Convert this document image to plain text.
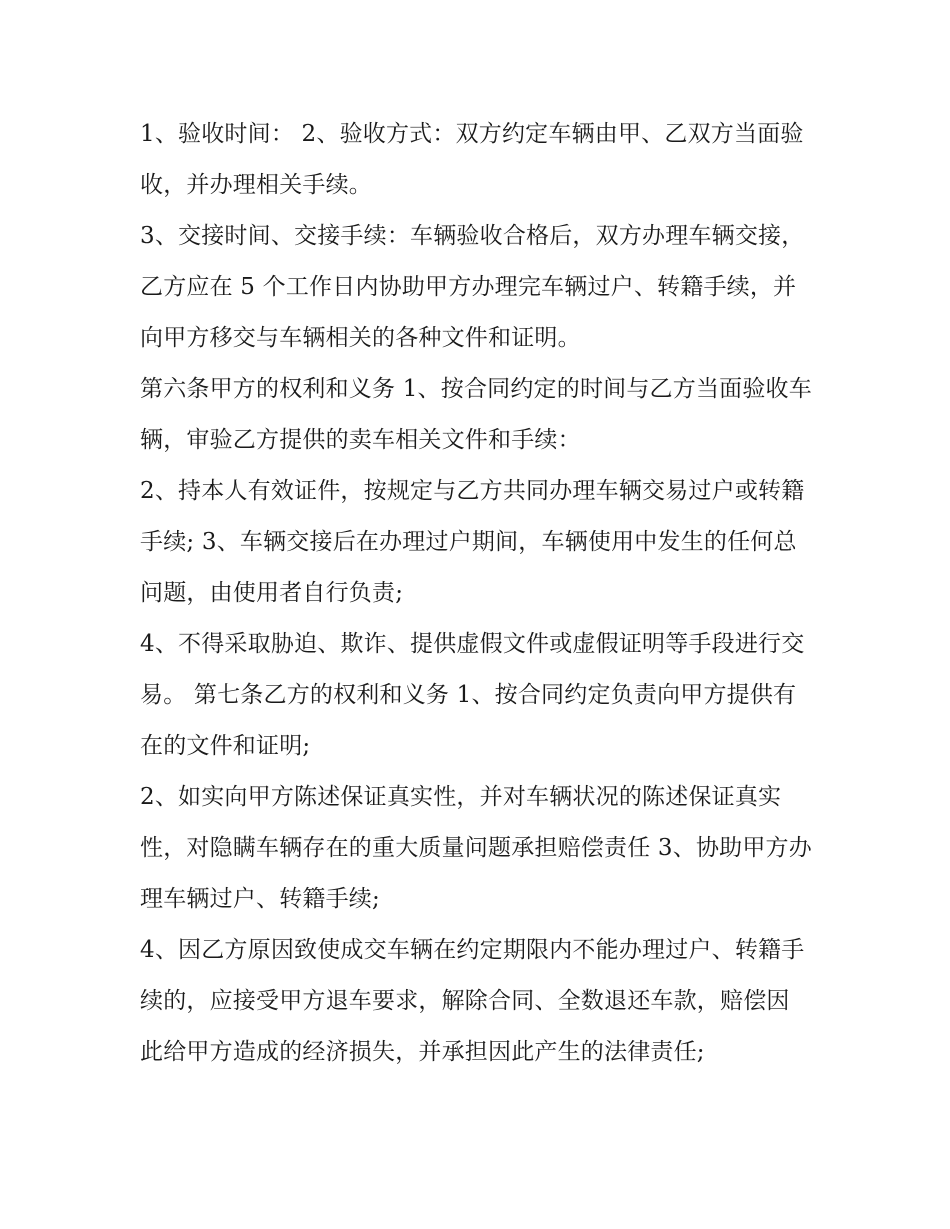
1、验收时间： 2、验收方式：双方约定车辆由甲、乙双方当面验收，并办理相关手续。

3、交接时间、交接手续：车辆验收合格后，双方办理车辆交接，乙方应在 5 个工作日内协助甲方办理完车辆过户、转籍手续，并向甲方移交与车辆相关的各种文件和证明。

第六条甲方的权利和义务 1、按合同约定的时间与乙方当面验收车辆，审验乙方提供的卖车相关文件和手续：

2、持本人有效证件，按规定与乙方共同办理车辆交易过户或转籍手续; 3、车辆交接后在办理过户期间，车辆使用中发生的任何总问题，由使用者自行负责;

4、不得采取胁迫、欺诈、提供虚假文件或虚假证明等手段进行交易。 第七条乙方的权利和义务 1、按合同约定负责向甲方提供有在的文件和证明;

2、如实向甲方陈述保证真实性，并对车辆状况的陈述保证真实性，对隐瞒车辆存在的重大质量问题承担赔偿责任 3、协助甲方办理车辆过户、转籍手续;

4、因乙方原因致使成交车辆在约定期限内不能办理过户、转籍手续的，应接受甲方退车要求，解除合同、全数退还车款，赔偿因此给甲方造成的经济损失，并承担因此产生的法律责任;
